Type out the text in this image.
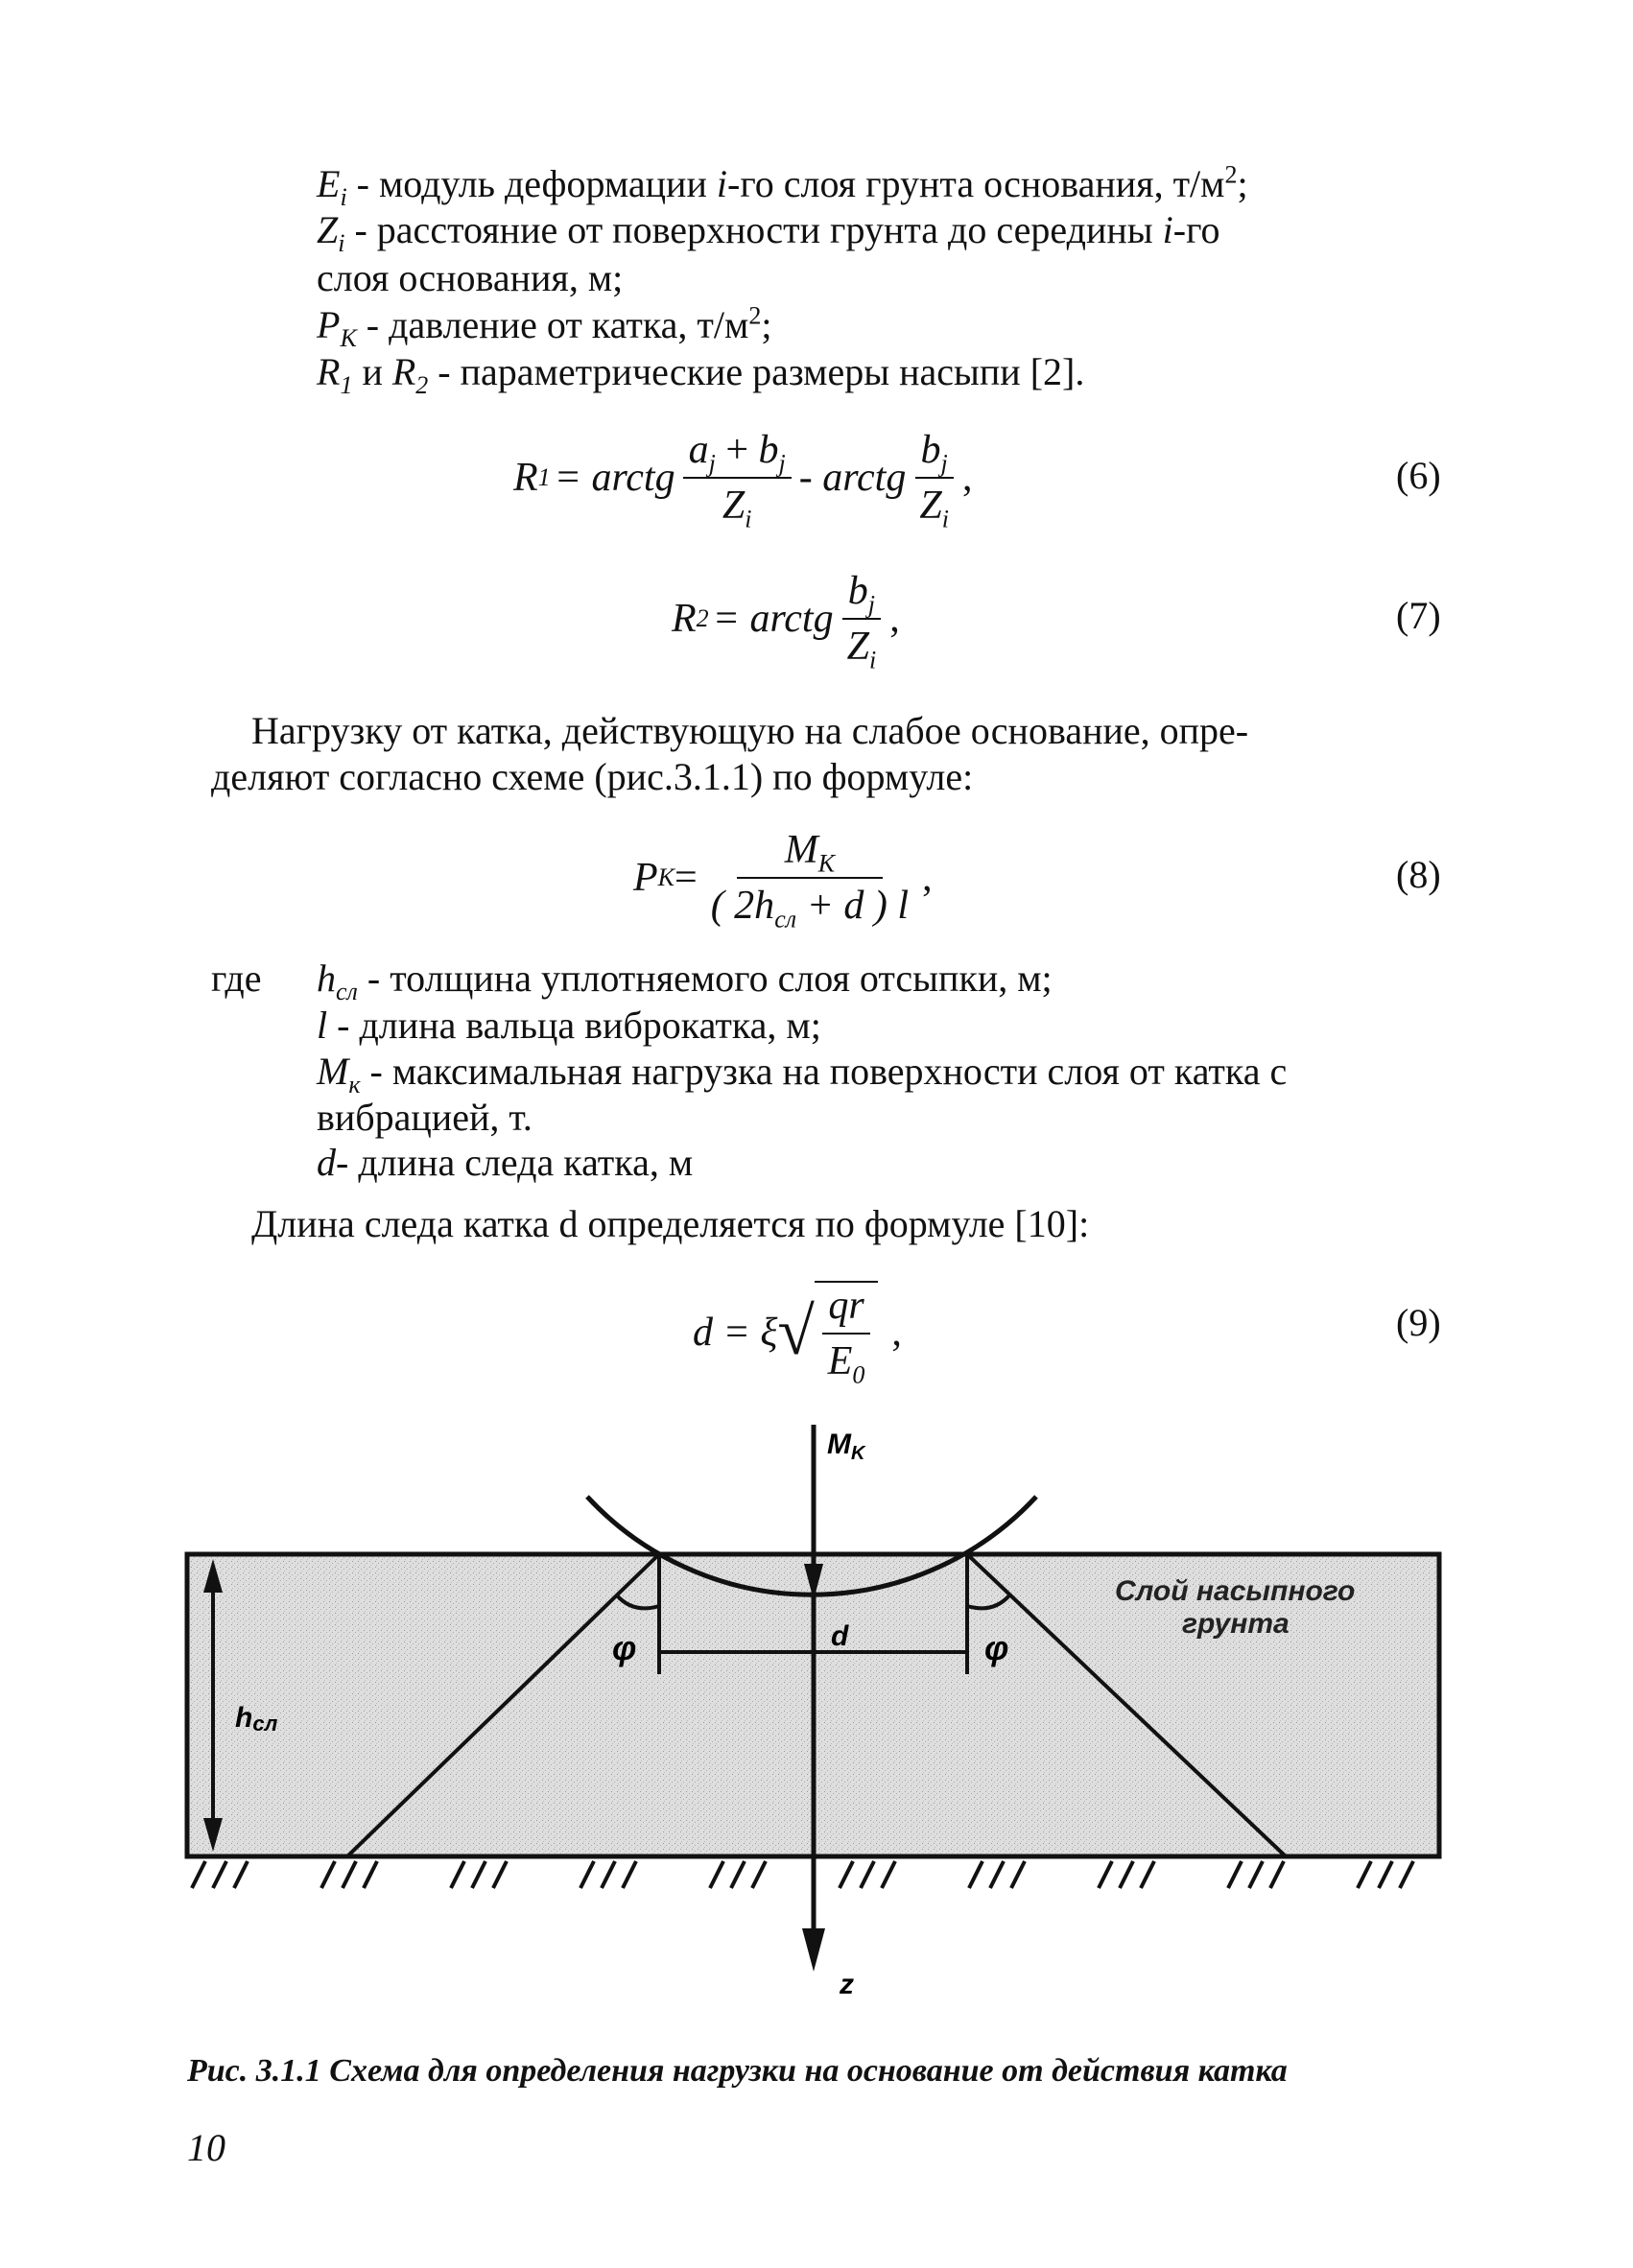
$E_i$ - модуль деформации i-го слоя грунта основания, $т/м^2$;
$Z_i$ - расстояние от поверхности грунта до середины i-го
слоя основания, м;
$P_K$ - давление от катка, $т/м^2$;
$R_1$ и $R_2$ - параметрические размеры насыпи [2].
R 1 = arctg $\frac{a_j + b_j}{Z_i}$ - arctg $\frac{b_j}{Z_i}$ ,	(6)
R 2 = arctg $\frac{b_j}{Z_i}$ ,	(7)
Нагрузку от катка, действующую на слабое основание, опре-
деляют согласно схеме (рис.3.1.1) по формуле:
P $K = \frac{M_K}{( 2h_{сл} + d ) l}$ ,	(8)
где $h_{сл}$ - толщина уплотняемого слоя отсыпки, м;
l - длина вальца виброкатка, м;
$M_к$ - максимальная нагрузка на поверхности слоя от катка с
вибрацией, т.
d- длина следа катка, м
Длина следа катка d определяется по формуле [10]:
d = ξ √ $\frac{qr}{E_0}$ ,	(9)
$M_K$
z
φ	φ
d
hсл
Слой насыпного грунта
Рис. 3.1.1 Схема для определения нагрузки на основание от действия катка
10
